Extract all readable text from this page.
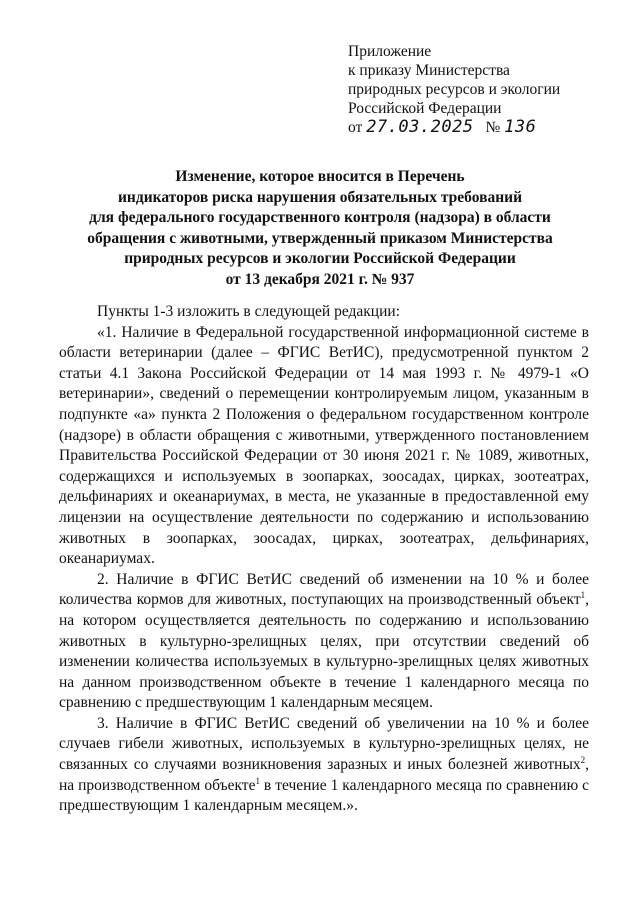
Приложение
к приказу Министерства
природных ресурсов и экологии
Российской Федерации
от 27.03.2025 № 136
Изменение, которое вносится в Перечень
индикаторов риска нарушения обязательных требований
для федерального государственного контроля (надзора) в области
обращения с животными, утвержденный приказом Министерства
природных ресурсов и экологии Российской Федерации
от 13 декабря 2021 г. № 937

Пункты 1-3 изложить в следующей редакции:

«1. Наличие в Федеральной государственной информационной системе в области ветеринарии (далее – ФГИС ВетИС), предусмотренной пунктом 2 статьи 4.1 Закона Российской Федерации от 14 мая 1993 г. № 4979-1 «О ветеринарии», сведений о перемещении контролируемым лицом, указанным в подпункте «а» пункта 2 Положения о федеральном государственном контроле (надзоре) в области обращения с животными, утвержденного постановлением Правительства Российской Федерации от 30 июня 2021 г. № 1089, животных, содержащихся и используемых в зоопарках, зоосадах, цирках, зоотеатрах, дельфинариях и океанариумах, в места, не указанные в предоставленной ему лицензии на осуществление деятельности по содержанию и использованию животных в зоопарках, зоосадах, цирках, зоотеатрах, дельфинариях, океанариумах.

2. Наличие в ФГИС ВетИС сведений об изменении на 10 % и более количества кормов для животных, поступающих на производственный объект$^1$, на котором осуществляется деятельность по содержанию и использованию животных в культурно-зрелищных целях, при отсутствии сведений об изменении количества используемых в культурно-зрелищных целях животных на данном производственном объекте в течение 1 календарного месяца по сравнению с предшествующим 1 календарным месяцем.

3. Наличие в ФГИС ВетИС сведений об увеличении на 10 % и более случаев гибели животных, используемых в культурно-зрелищных целях, не связанных со случаями возникновения заразных и иных болезней животных$^2$, на производственном объекте$^1$ в течение 1 календарного месяца по сравнению с предшествующим 1 календарным месяцем.».
